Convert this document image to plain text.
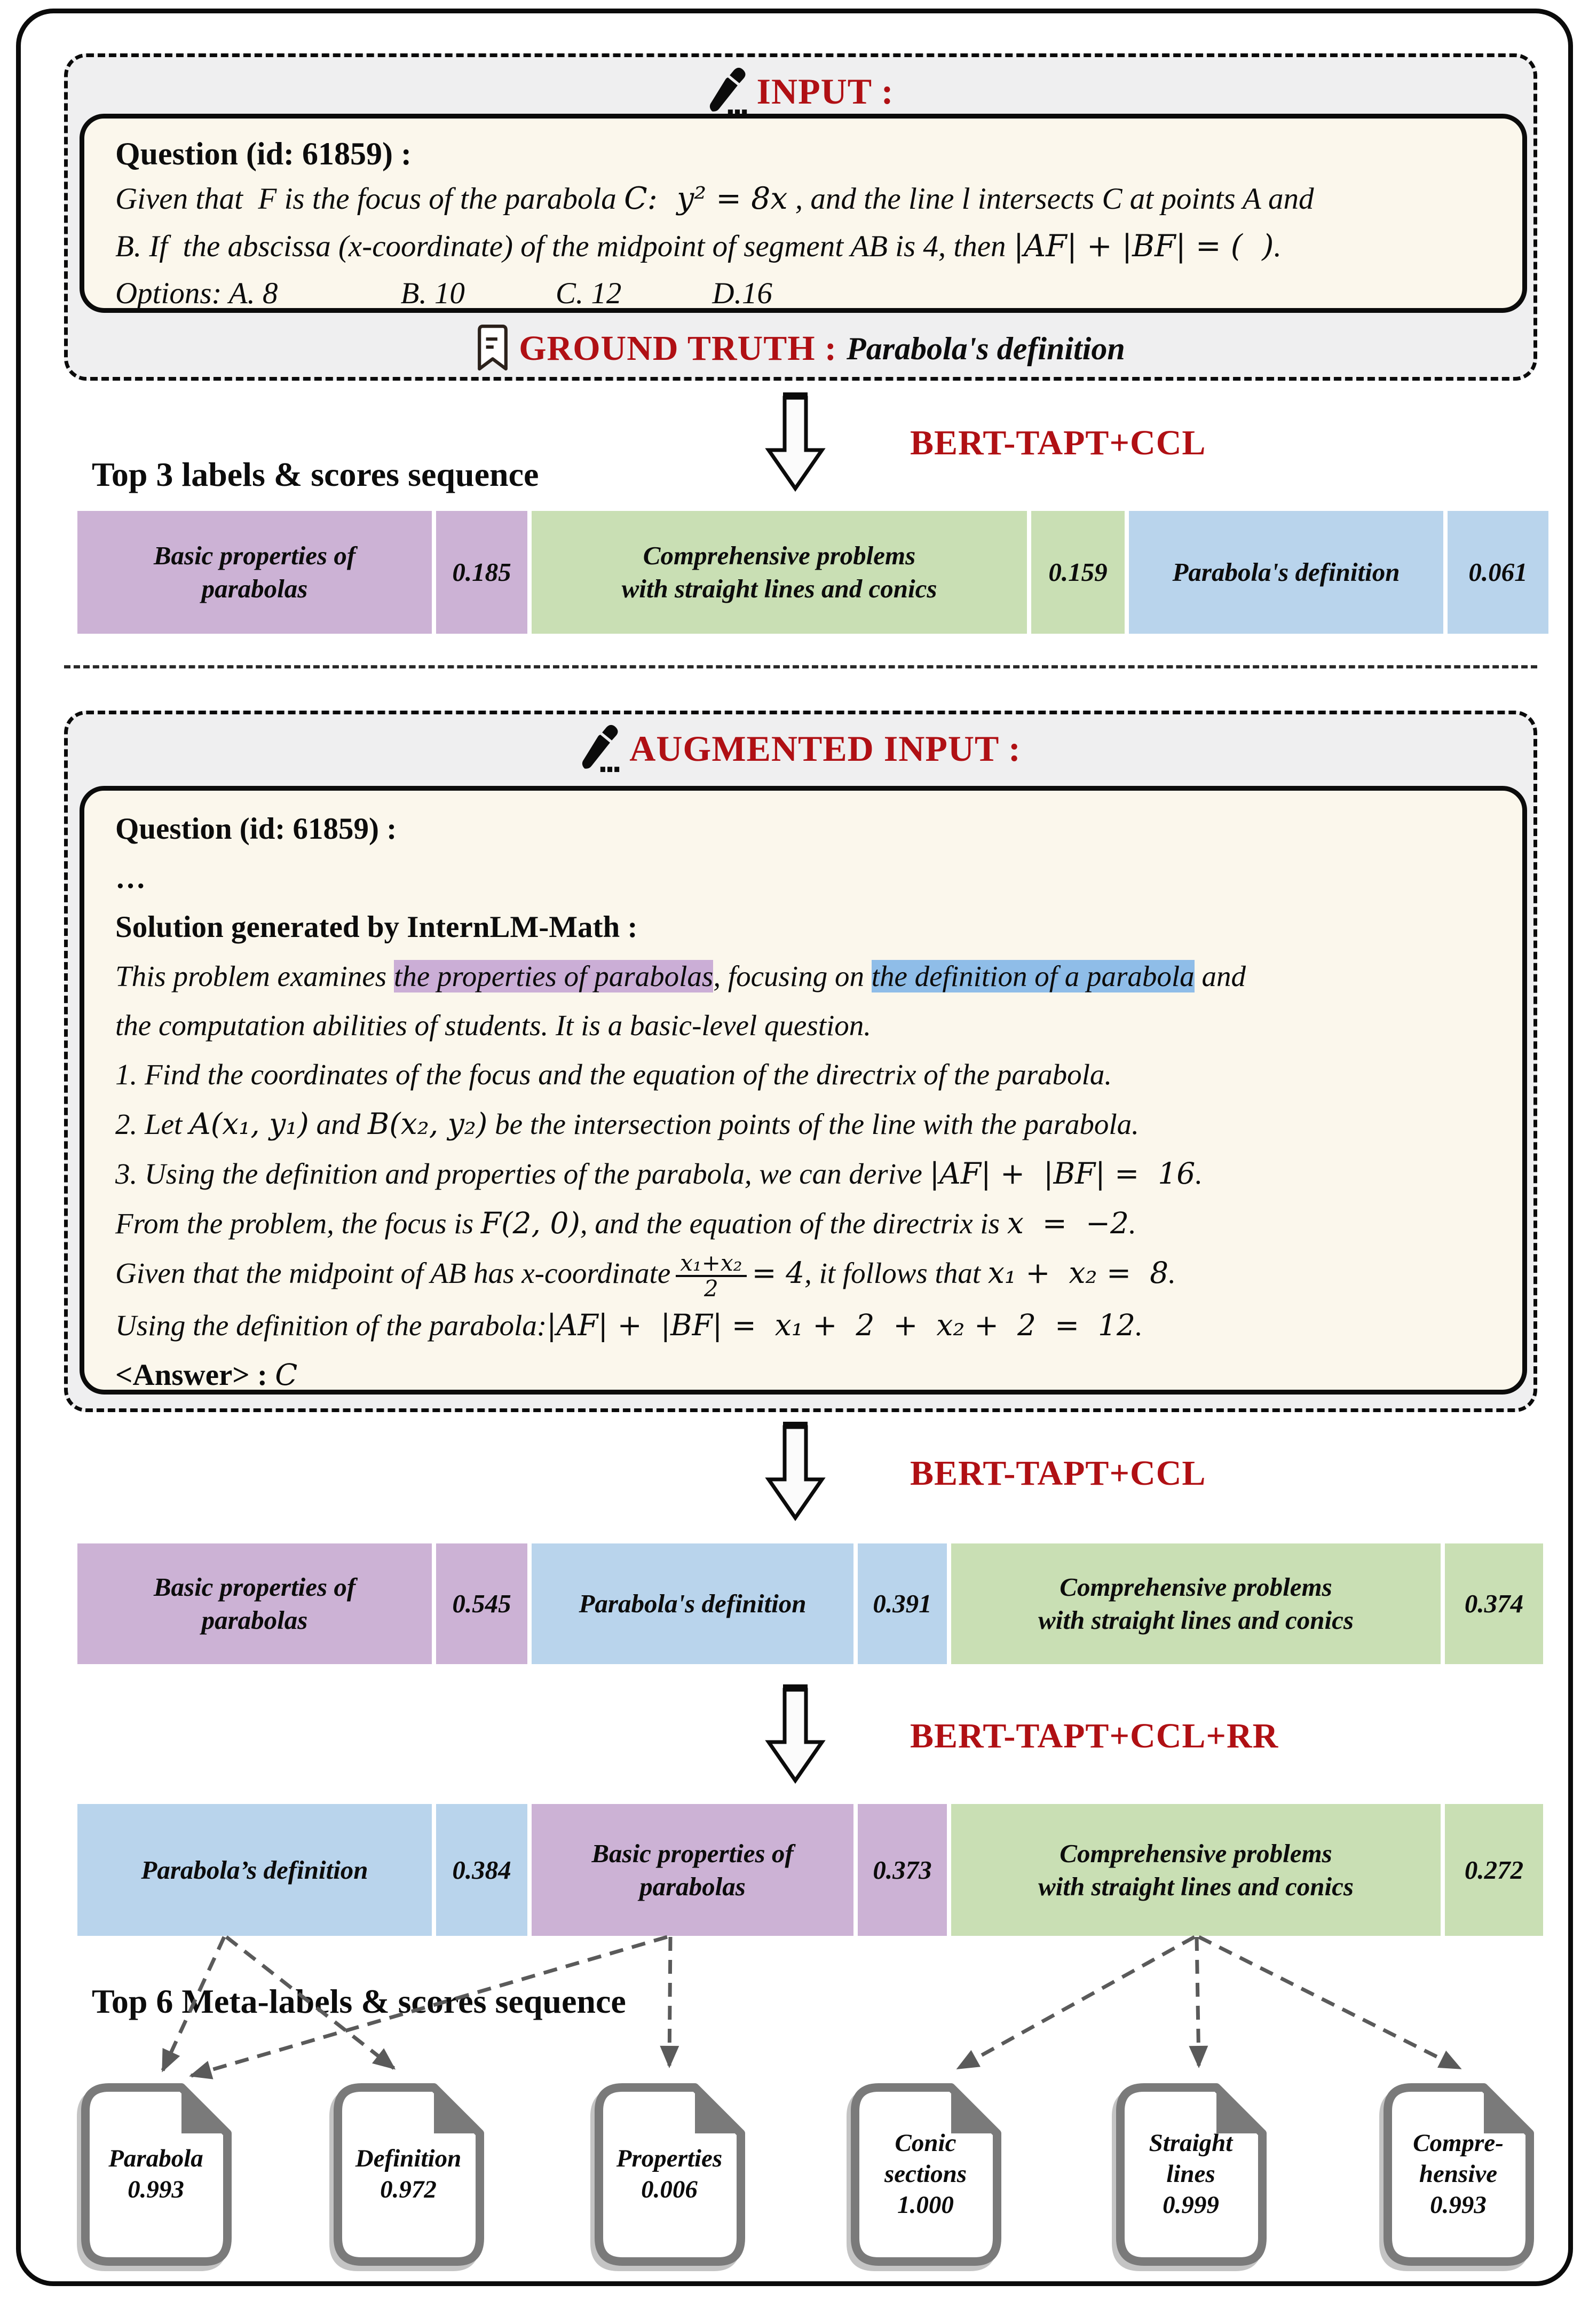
INPUT :
Question (id: 61859) :
Given that  F is the focus of the parabola C:  y² = 8x , and the line l intersects C at points A and
B. If  the abscissa (x-coordinate) of the midpoint of segment AB is 4, then |AF| + |BF| = (  ).
Options: A. 8	B. 10	C. 12	D.16
GROUND TRUTH : Parabola's definition
Top 3 labels & scores sequence
BERT-TAPT+CCL
Basic properties of
parabolas
0.185
Comprehensive problems
with straight lines and conics
0.159	Parabola's definition	0.061
AUGMENTED INPUT :
Question (id: 61859) :
…
Solution generated by InternLM-Math :
This problem examines the properties of parabolas, focusing on the definition of a parabola and
the computation abilities of students. It is a basic-level question.
1. Find the coordinates of the focus and the equation of the directrix of the parabola.
2. Let A(x₁, y₁) and B(x₂, y₂) be the intersection points of the line with the parabola.
3. Using the definition and properties of the parabola, we can derive |AF| +  |BF| =  16.
From the problem, the focus is F(2, 0), and the equation of the directrix is x  =  −2.
Given that the midpoint of AB has x-coordinate $\frac{\text{x₁+x₂}}{2} = 4$, it follows that x₁ +  x₂ =  8.
Using the definition of the parabola:|AF| +  |BF| =  x₁ +  2  +  x₂ +  2  =  12.
<Answer> : C
BERT-TAPT+CCL
Basic properties of
parabolas
0.545	Parabola's definition	0.391
Comprehensive problems
with straight lines and conics
0.374
BERT-TAPT+CCL+RR
Parabola’s definition	0.384
Basic properties of
parabolas
0.373
Comprehensive problems
with straight lines and conics
0.272
Top 6 Meta-labels & scores sequence
Parabola
0.993
Definition
0.972
Properties
0.006
Conic
sections
1.000
Straight
lines
0.999
Compre-
hensive
0.993
